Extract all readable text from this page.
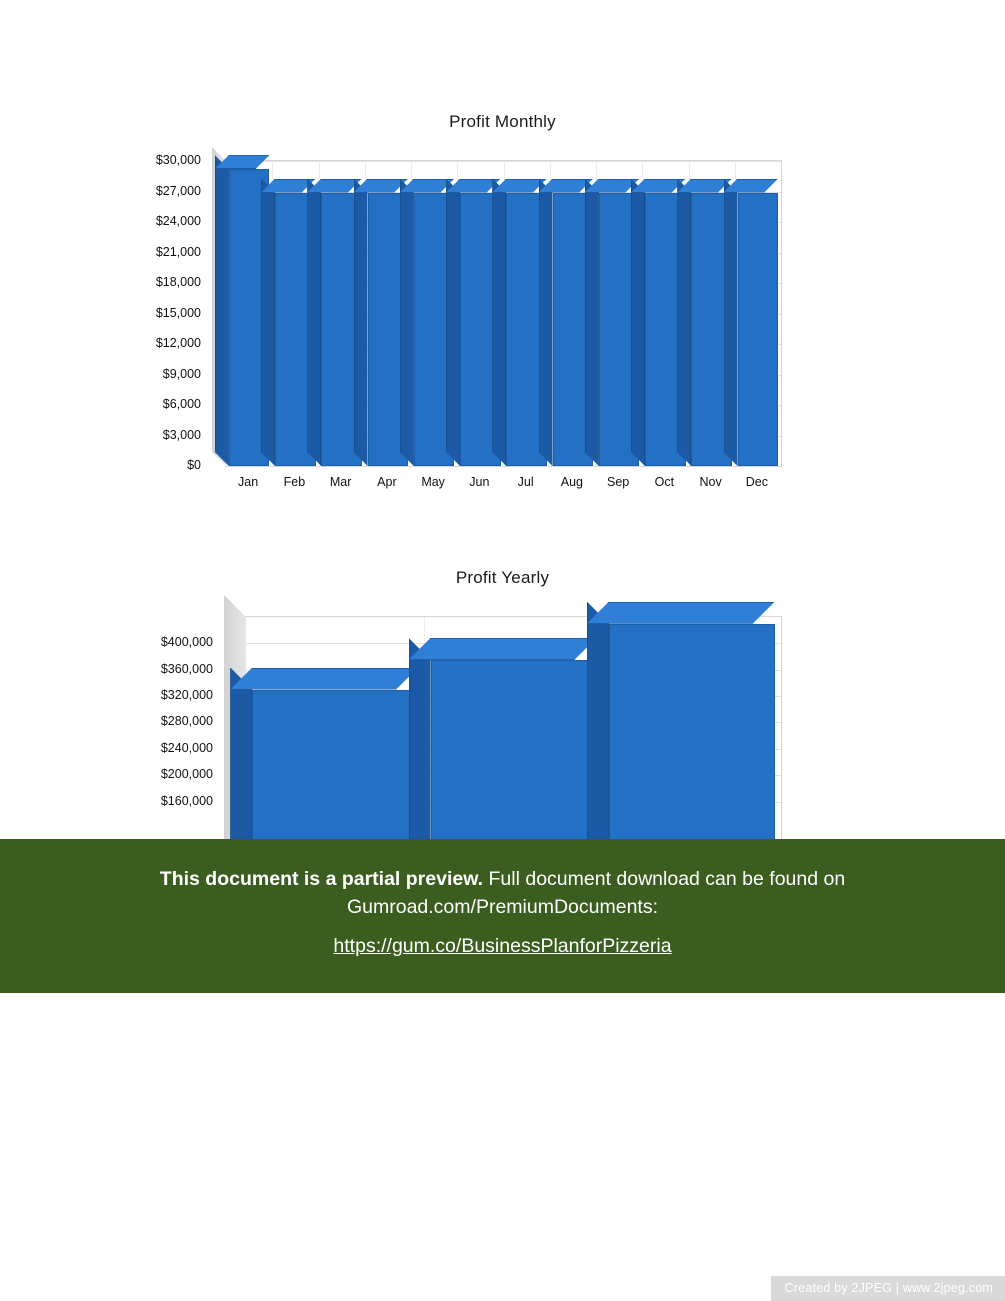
Profit Monthly
$30,000
$27,000
$24,000
$21,000
$18,000
$15,000
$12,000
$9,000
$6,000
$3,000
$0
Jan Feb Mar Apr May Jun Jul Aug Sep Oct Nov Dec
Profit Yearly
$400,000
$360,000
$320,000
$280,000
$240,000
$200,000
$160,000
This document is a partial preview. Full document download can be found on Gumroad.com/PremiumDocuments:
https://gum.co/BusinessPlanforPizzeria
Created by 2JPEG | www.2jpeg.com
